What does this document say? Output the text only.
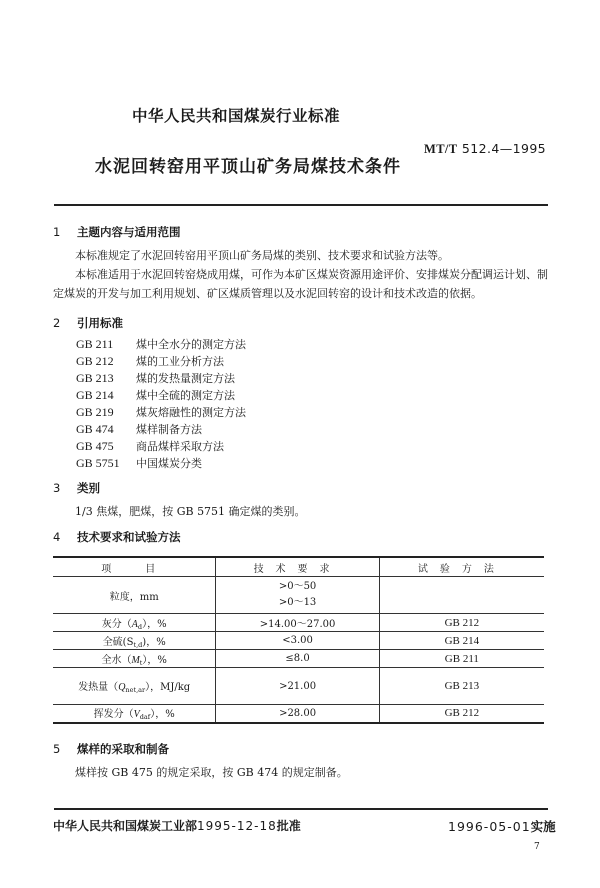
中华人民共和国煤炭行业标准
MT/T 512.4—1995
水泥回转窑用平顶山矿务局煤技术条件
1 主题内容与适用范围
本标准规定了水泥回转窑用平顶山矿务局煤的类别、技术要求和试验方法等。
本标准适用于水泥回转窑烧成用煤，可作为本矿区煤炭资源用途评价、安排煤炭分配调运计划、制
定煤炭的开发与加工利用规划、矿区煤质管理以及水泥回转窑的设计和技术改造的依据。
2 引用标准
GB 211 煤中全水分的测定方法
GB 212 煤的工业分析方法
GB 213 煤的发热量测定方法
GB 214 煤中全硫的测定方法
GB 219 煤灰熔融性的测定方法
GB 474 煤样制备方法
GB 475 商品煤样采取方法
GB 5751 中国煤炭分类
3 类别
1/3 焦煤，肥煤，按 GB 5751 确定煤的类别。
4 技术要求和试验方法
项　目	技术要求	试验方法
粒度，mm	>0～50
>0～13	

灰分$(A_d)$，%	>14.00～27.00	GB 212
全硫$(S_{t,d})$，%	<3.00	GB 214
全水$(M_t)$，%	≤8.0	GB 211
发热量$(Q_{net,ar})$，MJ/kg	>21.00	GB 213
挥发分$(V_{daf})$，%	>28.00	GB 212
5 煤样的采取和制备
煤样按 GB 475 的规定采取，按 GB 474 的规定制备。
中华人民共和国煤炭工业部1995-12-18批准	1996-05-01实施
7
